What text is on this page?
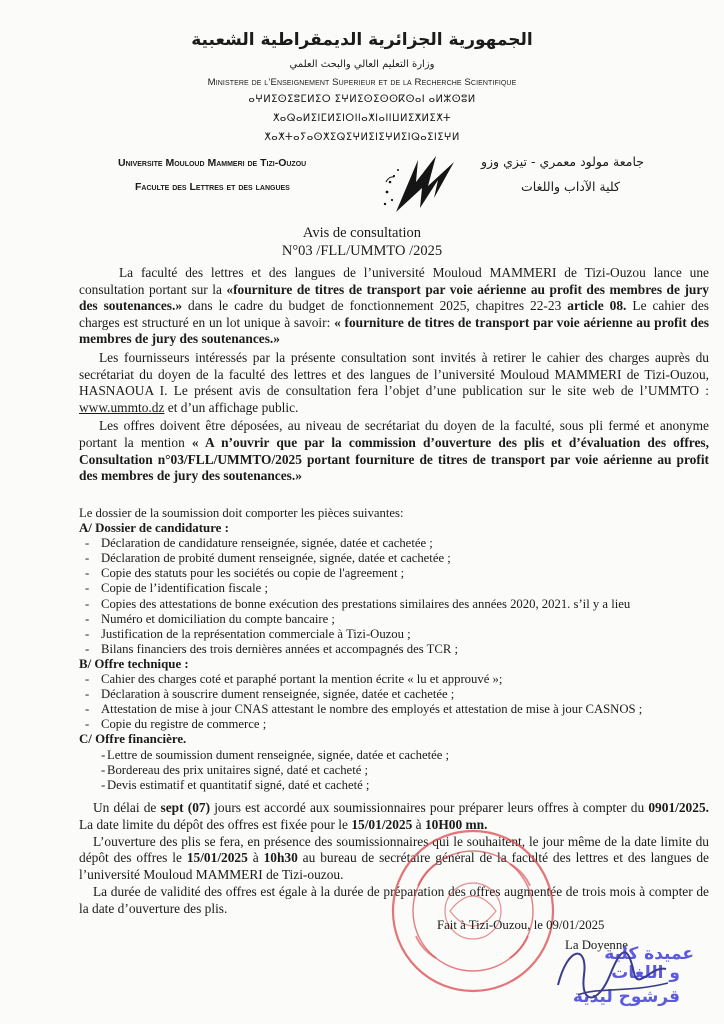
الجمهورية الجزائرية الديمقراطية الشعبية
وزارة التعليم العالي والبحث العلمي
Ministere de l’Enseignement Superieur et de la Recherche Scientifique
ⴰⵖⵍⵉⵙⵉⵓⵎⵍⵉⵔ ⵉⵖⵍⵉⵙⵉⵙⵙⴽⵙⴰⵏ ⴰⵍⵣⵙⵓⵍ
ⵅⴰⵕⴰⵍⵉⵏⵎⵍⵉⵏⵔⵏⵏⴰⵅⵏⴰⵏⵏⵡⵍⵉⵅⵍⵉⵅⵜ
ⵅⴰⵅⵜⴰⵢⴰⵙⵅⵉⵕⵉⵖⵍⵉⵏⵉⵖⵍⵉⵏⵕⴰⵉⵏⵉⵖⵍ
Universite Mouloud Mammeri de Tizi-Ouzou
Faculte des Lettres et des langues
جامعة مولود معمري - تيزي وزو
كلية الآداب واللغات
Avis de consultation
N°03 /FLL/UMMTO /2025

La faculté des lettres et des langues de l’université Mouloud MAMMERI de Tizi-Ouzou lance une consultation portant sur la «fourniture de titres de transport par voie aérienne au profit des membres de jury des soutenances.» dans le cadre du budget de fonctionnement 2025, chapitres 22-23 article 08. Le cahier des charges est structuré en un lot unique à savoir: « fourniture de titres de transport par voie aérienne au profit des membres de jury des soutenances.»

Les fournisseurs intéressés par la présente consultation sont invités à retirer le cahier des charges auprès du secrétariat du doyen de la faculté des lettres et des langues de l’université Mouloud MAMMERI de Tizi-Ouzou, HASNAOUA I. Le présent avis de consultation fera l’objet d’une publication sur le site web de l’UMMTO : www.ummto.dz et d’un affichage public.

Les offres doivent être déposées, au niveau de secrétariat du doyen de la faculté, sous pli fermé et anonyme portant la mention « A n’ouvrir que par la commission d’ouverture des plis et d’évaluation des offres, Consultation n°03/FLL/UMMTO/2025 portant fourniture de titres de transport par voie aérienne au profit des membres de jury des soutenances.»

Le dossier de la soumission doit comporter les pièces suivantes:
A/ Dossier de candidature :
- Déclaration de candidature renseignée, signée, datée et cachetée ;
- Déclaration de probité dument renseignée, signée, datée et cachetée ;
- Copie des statuts pour les sociétés ou copie de l'agreement ;
- Copie de l’identification fiscale ;
- Copies des attestations de bonne exécution des prestations similaires des années 2020, 2021. s’il y a lieu
- Numéro et domiciliation du compte bancaire ;
- Justification de la représentation commerciale à Tizi-Ouzou ;
- Bilans financiers des trois dernières années et accompagnés des TCR ;
B/ Offre technique :
- Cahier des charges coté et paraphé portant la mention écrite « lu et approuvé »;
- Déclaration à souscrire dument renseignée, signée, datée et cachetée ;
- Attestation de mise à jour CNAS attestant le nombre des employés et attestation de mise à jour CASNOS ;
- Copie du registre de commerce ;
C/ Offre financière.
- Lettre de soumission dument renseignée, signée, datée et cachetée ;
- Bordereau des prix unitaires signé, daté et cacheté ;
- Devis estimatif et quantitatif signé, daté et cacheté ;

Un délai de sept (07) jours est accordé aux soumissionnaires pour préparer leurs offres à compter du 0901/2025. La date limite du dépôt des offres est fixée pour le 15/01/2025 à 10H00 mn.

L’ouverture des plis se fera, en présence des soumissionnaires qui le souhaitent, le jour même de la date limite du dépôt des offres le 15/01/2025 à 10h30 au bureau de secrétaire général de la faculté des lettres et des langues de l’université Mouloud MAMMERI de Tizi-ouzou.

La durée de validité des offres est égale à la durée de préparation des offres augmentée de trois mois à compter de la date d’ouverture des plis.

Fait à Tizi-Ouzou, le 09/01/2025
La Doyenne
عميدة كلية
و اللغات
قرشوح ليدية
